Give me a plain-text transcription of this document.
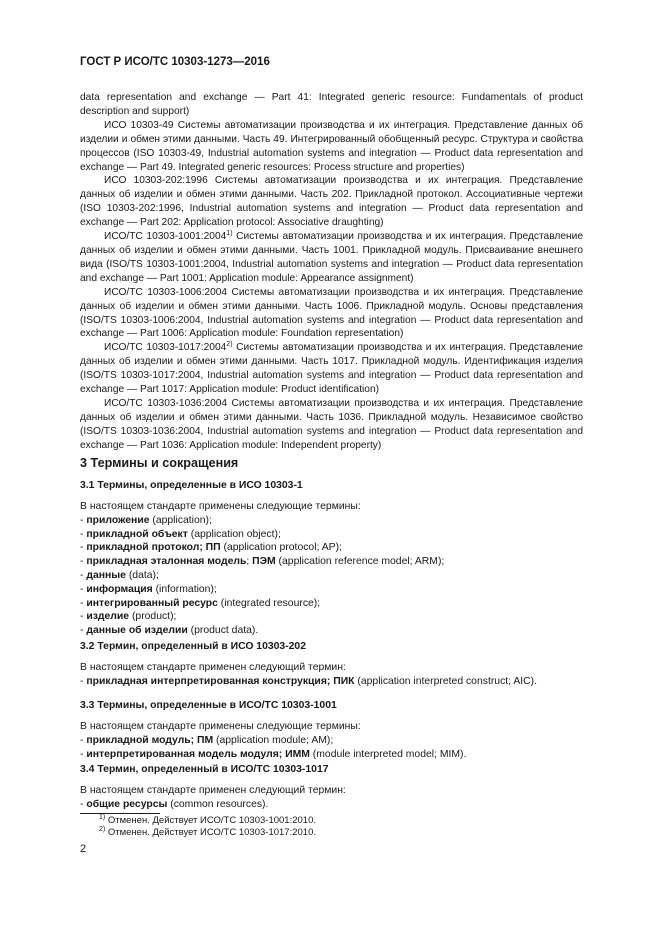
ГОСТ Р ИСО/ТС 10303-1273—2016

data representation and exchange — Part 41: Integrated generic resource: Fundamentals of product description and support)

ИСО 10303-49 Системы автоматизации производства и их интеграция. Представление данных об изделии и обмен этими данными. Часть 49. Интегрированный обобщенный ресурс. Структура и свойства процессов (ISO 10303-49, Industrial automation systems and integration — Product data representation and exchange — Part 49. Integrated generic resources: Process structure and properties)

ИСО 10303-202:1996 Системы автоматизации производства и их интеграция. Представление данных об изделии и обмен этими данными. Часть 202. Прикладной протокол. Ассоциативные чертежи (ISO 10303-202:1996, Industrial automation systems and integration — Product data representation and exchange — Part 202: Application protocol: Associative draughting)

ИСО/ТС 10303-1001:2004$^{1)}$ Системы автоматизации производства и их интеграция. Представление данных об изделии и обмен этими данными. Часть 1001. Прикладной модуль. Присваивание внешнего вида (ISO/TS 10303-1001:2004, Industrial automation systems and integration — Product data representation and exchange — Part 1001: Application module: Appearance assignment)

ИСО/ТС 10303-1006:2004 Системы автоматизации производства и их интеграция. Представление данных об изделии и обмен этими данными. Часть 1006. Прикладной модуль. Основы представления (ISO/TS 10303-1006:2004, Industrial automation systems and integration — Product data representation and exchange — Part 1006: Application module: Foundation representation)

ИСО/ТС 10303-1017:2004$^{2)}$ Системы автоматизации производства и их интеграция. Представление данных об изделии и обмен этими данными. Часть 1017. Прикладной модуль. Идентификация изделия (ISO/TS 10303-1017:2004, Industrial automation systems and integration — Product data representation and exchange — Part 1017: Application module: Product identification)

ИСО/ТС 10303-1036:2004 Системы автоматизации производства и их интеграция. Представление данных об изделии и обмен этими данными. Часть 1036. Прикладной модуль. Независимое свойство (ISO/TS 10303-1036:2004, Industrial automation systems and integration — Product data representation and exchange — Part 1036: Application module: Independent property)

3 Термины и сокращения
3.1 Термины, определенные в ИСО 10303-1
В настоящем стандарте применены следующие термины:
- приложение (application);
- прикладной объект (application object);
- прикладной протокол; ПП (application protocol; AP);
- прикладная эталонная модель; ПЭМ (application reference model; ARM);
- данные (data);
- информация (information);
- интегрированный ресурс (integrated resource);
- изделие (product);
- данные об изделии (product data).
3.2 Термин, определенный в ИСО 10303-202
В настоящем стандарте применен следующий термин:
- прикладная интерпретированная конструкция; ПИК (application interpreted construct; AIC).
3.3 Термины, определенные в ИСО/ТС 10303-1001
В настоящем стандарте применены следующие термины:
- прикладной модуль; ПМ (application module; AM);
- интерпретированная модель модуля; ИММ (module interpreted model; MIM).
3.4 Термин, определенный в ИСО/ТС 10303-1017
В настоящем стандарте применен следующий термин:
- общие ресурсы (common resources).
$^{1)}$ Отменен. Действует ИСО/ТС 10303-1001:2010.
$^{2)}$ Отменен. Действует ИСО/ТС 10303-1017:2010.
2
